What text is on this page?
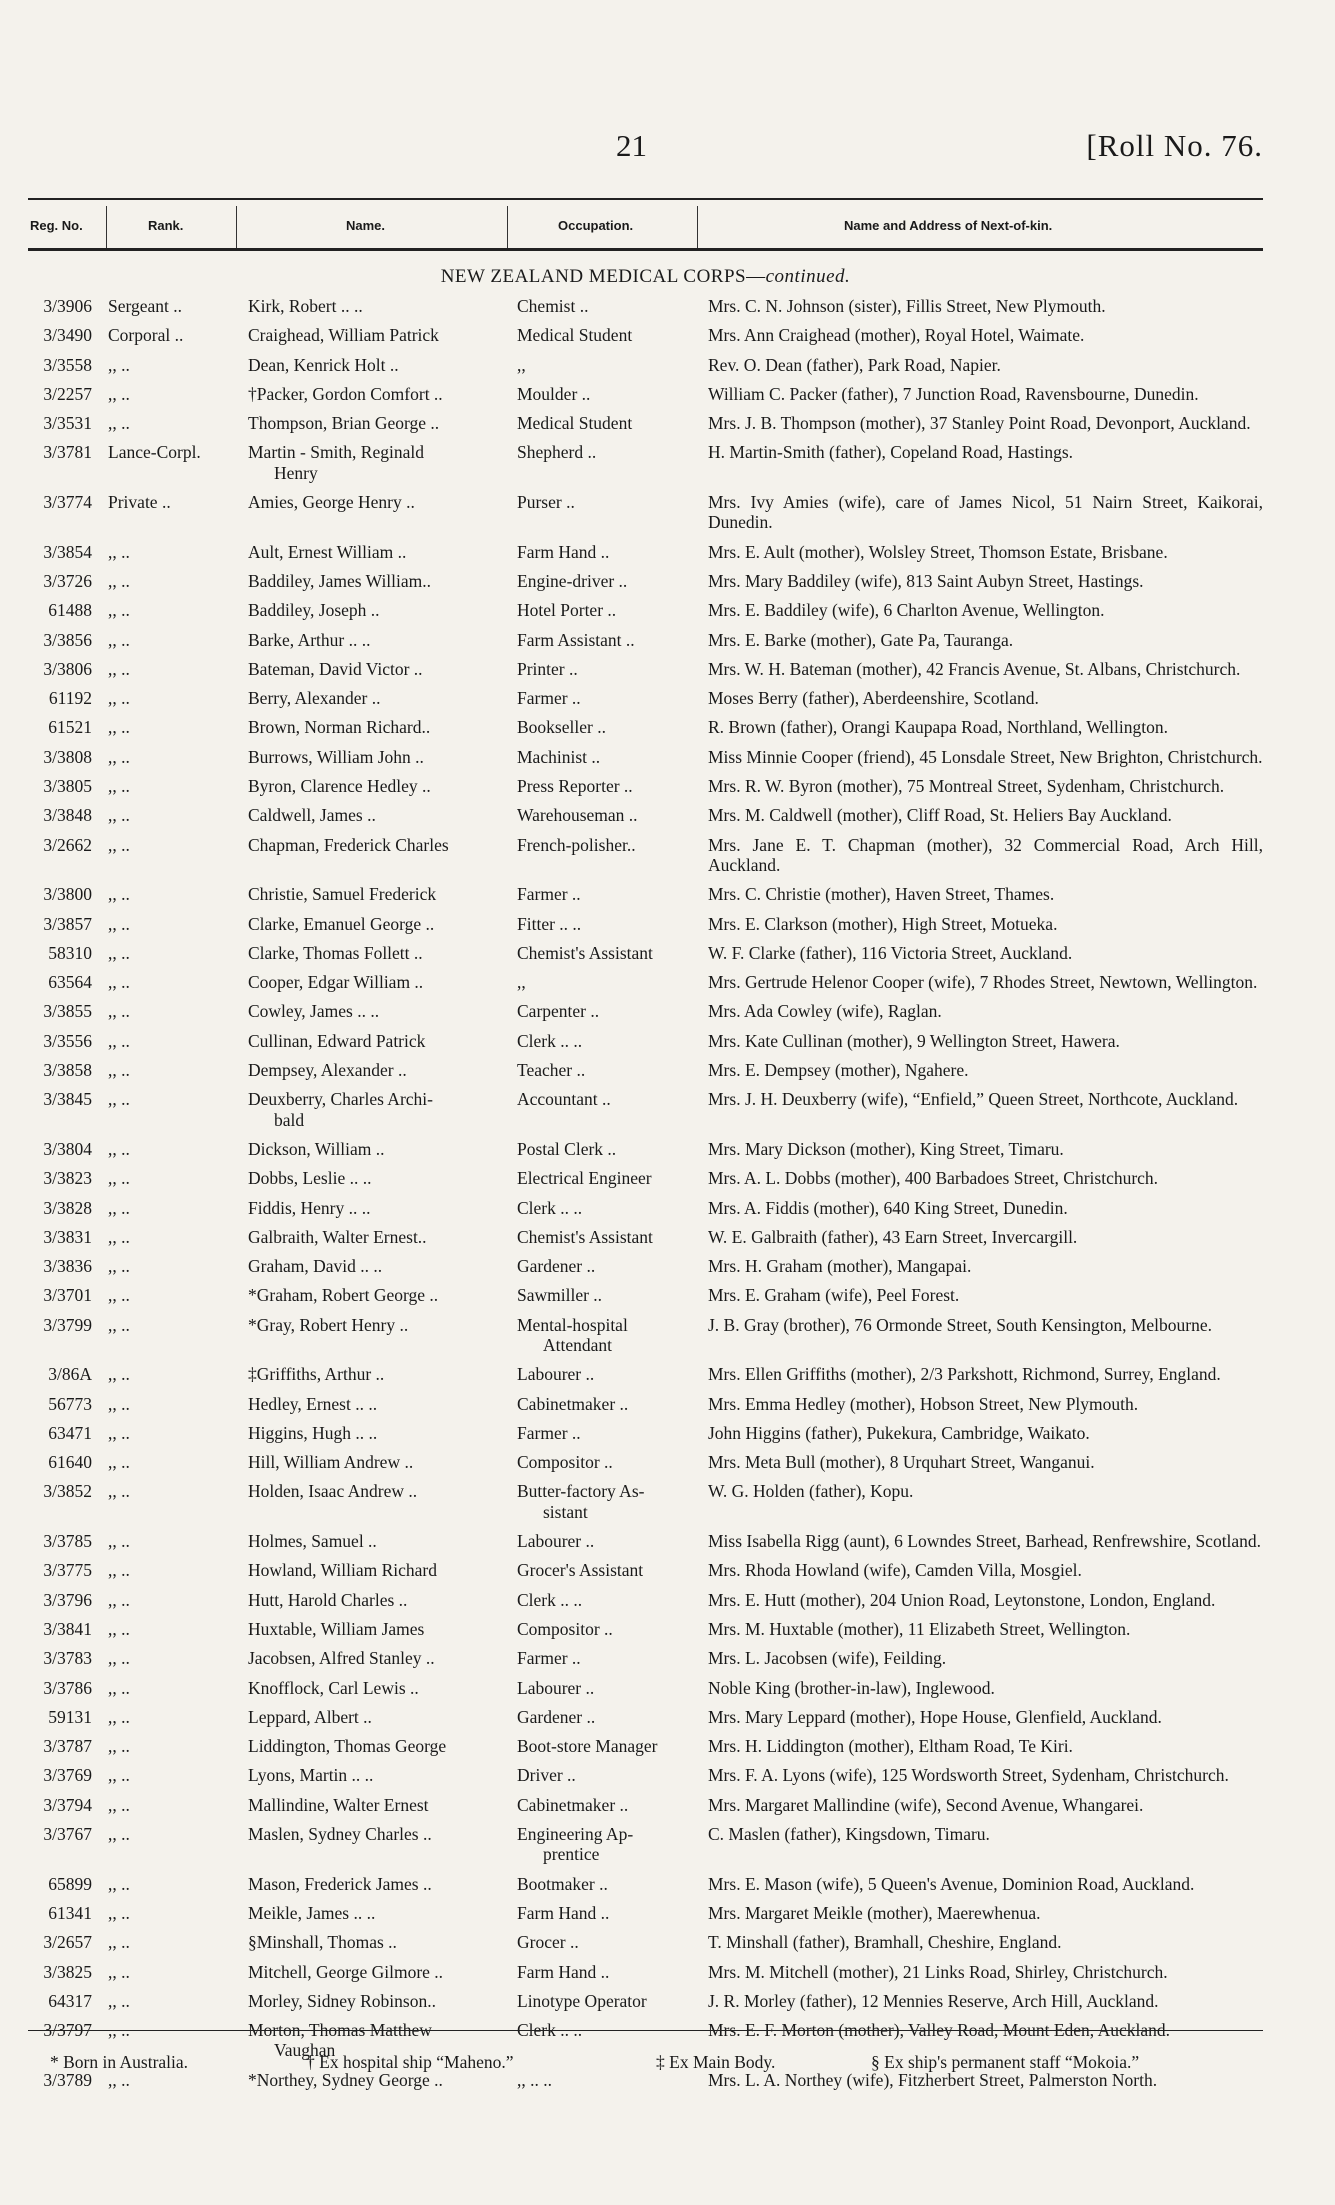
21	[Roll No. 76.
Reg. No.	Rank.	Name.	Occupation.	Name and Address of Next-of-kin.
NEW ZEALAND MEDICAL CORPS—continued.
3/3906 Sergeant ..	Kirk, Robert .. ..	Chemist ..	Mrs. C. N. Johnson (sister), Fillis Street, New Plymouth.
3/3490 Corporal ..	Craighead, William Patrick	Medical Student	Mrs. Ann Craighead (mother), Royal Hotel, Waimate.
3/3558 ,, ..	Dean, Kenrick Holt ..	,,	Rev. O. Dean (father), Park Road, Napier.
3/2257 ,, ..	†Packer, Gordon Comfort ..	Moulder ..	William C. Packer (father), 7 Junction Road, Ravensbourne, Dunedin.
3/3531 ,, ..	Thompson, Brian George ..	Medical Student	Mrs. J. B. Thompson (mother), 37 Stanley Point Road, Devonport, Auckland.
3/3781 Lance-Corpl.	Martin - Smith, Reginald
Henry
Shepherd ..	H. Martin-Smith (father), Copeland Road, Hastings.
3/3774 Private ..	Amies, George Henry ..	Purser ..	Mrs. Ivy Amies (wife), care of James Nicol, 51 Nairn Street, Kaikorai, Dunedin.
3/3854 ,, ..	Ault, Ernest William ..	Farm Hand ..	Mrs. E. Ault (mother), Wolsley Street, Thomson Estate, Brisbane.
3/3726 ,, ..	Baddiley, James William..	Engine-driver ..	Mrs. Mary Baddiley (wife), 813 Saint Aubyn Street, Hastings.
61488 ,, ..	Baddiley, Joseph ..	Hotel Porter ..	Mrs. E. Baddiley (wife), 6 Charlton Avenue, Wellington.
3/3856 ,, ..	Barke, Arthur .. ..	Farm Assistant ..	Mrs. E. Barke (mother), Gate Pa, Tauranga.
3/3806 ,, ..	Bateman, David Victor ..	Printer ..	Mrs. W. H. Bateman (mother), 42 Francis Avenue, St. Albans, Christchurch.
61192 ,, ..	Berry, Alexander ..	Farmer ..	Moses Berry (father), Aberdeenshire, Scotland.
61521 ,, ..	Brown, Norman Richard..	Bookseller ..	R. Brown (father), Orangi Kaupapa Road, Northland, Wellington.
3/3808 ,, ..	Burrows, William John ..	Machinist ..	Miss Minnie Cooper (friend), 45 Lonsdale Street, New Brighton, Christchurch.
3/3805 ,, ..	Byron, Clarence Hedley ..	Press Reporter ..	Mrs. R. W. Byron (mother), 75 Montreal Street, Sydenham, Christchurch.
3/3848 ,, ..	Caldwell, James ..	Warehouseman ..	Mrs. M. Caldwell (mother), Cliff Road, St. Heliers Bay Auckland.
3/2662 ,, ..	Chapman, Frederick Charles	French-polisher..	Mrs. Jane E. T. Chapman (mother), 32 Commercial Road, Arch Hill, Auckland.
3/3800 ,, ..	Christie, Samuel Frederick	Farmer ..	Mrs. C. Christie (mother), Haven Street, Thames.
3/3857 ,, ..	Clarke, Emanuel George ..	Fitter .. ..	Mrs. E. Clarkson (mother), High Street, Motueka.
58310 ,, ..	Clarke, Thomas Follett ..	Chemist's Assistant	W. F. Clarke (father), 116 Victoria Street, Auckland.
63564 ,, ..	Cooper, Edgar William ..	,,	Mrs. Gertrude Helenor Cooper (wife), 7 Rhodes Street, Newtown, Wellington.
3/3855 ,, ..	Cowley, James .. ..	Carpenter ..	Mrs. Ada Cowley (wife), Raglan.
3/3556 ,, ..	Cullinan, Edward Patrick	Clerk .. ..	Mrs. Kate Cullinan (mother), 9 Wellington Street, Hawera.
3/3858 ,, ..	Dempsey, Alexander ..	Teacher ..	Mrs. E. Dempsey (mother), Ngahere.
3/3845 ,, ..	Deuxberry, Charles Archi-
bald
Accountant ..	Mrs. J. H. Deuxberry (wife), “Enfield,” Queen Street, Northcote, Auckland.
3/3804 ,, ..	Dickson, William ..	Postal Clerk ..	Mrs. Mary Dickson (mother), King Street, Timaru.
3/3823 ,, ..	Dobbs, Leslie .. ..	Electrical Engineer	Mrs. A. L. Dobbs (mother), 400 Barbadoes Street, Christchurch.
3/3828 ,, ..	Fiddis, Henry .. ..	Clerk .. ..	Mrs. A. Fiddis (mother), 640 King Street, Dunedin.
3/3831 ,, ..	Galbraith, Walter Ernest..	Chemist's Assistant	W. E. Galbraith (father), 43 Earn Street, Invercargill.
3/3836 ,, ..	Graham, David .. ..	Gardener ..	Mrs. H. Graham (mother), Mangapai.
3/3701 ,, ..	*Graham, Robert George ..	Sawmiller ..	Mrs. E. Graham (wife), Peel Forest.
3/3799 ,, ..	*Gray, Robert Henry ..	Mental-hospital
Attendant
J. B. Gray (brother), 76 Ormonde Street, South Kensington, Melbourne.
3/86A ,, ..	‡Griffiths, Arthur ..	Labourer ..	Mrs. Ellen Griffiths (mother), 2/3 Parkshott, Richmond, Surrey, England.
56773 ,, ..	Hedley, Ernest .. ..	Cabinetmaker ..	Mrs. Emma Hedley (mother), Hobson Street, New Plymouth.
63471 ,, ..	Higgins, Hugh .. ..	Farmer ..	John Higgins (father), Pukekura, Cambridge, Waikato.
61640 ,, ..	Hill, William Andrew ..	Compositor ..	Mrs. Meta Bull (mother), 8 Urquhart Street, Wanganui.
3/3852 ,, ..	Holden, Isaac Andrew ..	Butter-factory As-
sistant
W. G. Holden (father), Kopu.
3/3785 ,, ..	Holmes, Samuel ..	Labourer ..	Miss Isabella Rigg (aunt), 6 Lowndes Street, Barhead, Renfrewshire, Scotland.
3/3775 ,, ..	Howland, William Richard	Grocer's Assistant	Mrs. Rhoda Howland (wife), Camden Villa, Mosgiel.
3/3796 ,, ..	Hutt, Harold Charles ..	Clerk .. ..	Mrs. E. Hutt (mother), 204 Union Road, Leytonstone, London, England.
3/3841 ,, ..	Huxtable, William James	Compositor ..	Mrs. M. Huxtable (mother), 11 Elizabeth Street, Wellington.
3/3783 ,, ..	Jacobsen, Alfred Stanley ..	Farmer ..	Mrs. L. Jacobsen (wife), Feilding.
3/3786 ,, ..	Knofflock, Carl Lewis ..	Labourer ..	Noble King (brother-in-law), Inglewood.
59131 ,, ..	Leppard, Albert ..	Gardener ..	Mrs. Mary Leppard (mother), Hope House, Glenfield, Auckland.
3/3787 ,, ..	Liddington, Thomas George	Boot-store Manager	Mrs. H. Liddington (mother), Eltham Road, Te Kiri.
3/3769 ,, ..	Lyons, Martin .. ..	Driver ..	Mrs. F. A. Lyons (wife), 125 Wordsworth Street, Sydenham, Christchurch.
3/3794 ,, ..	Mallindine, Walter Ernest	Cabinetmaker ..	Mrs. Margaret Mallindine (wife), Second Avenue, Whangarei.
3/3767 ,, ..	Maslen, Sydney Charles ..	Engineering Ap-
prentice
C. Maslen (father), Kingsdown, Timaru.
65899 ,, ..	Mason, Frederick James ..	Bootmaker ..	Mrs. E. Mason (wife), 5 Queen's Avenue, Dominion Road, Auckland.
61341 ,, ..	Meikle, James .. ..	Farm Hand ..	Mrs. Margaret Meikle (mother), Maerewhenua.
3/2657 ,, ..	§Minshall, Thomas ..	Grocer ..	T. Minshall (father), Bramhall, Cheshire, England.
3/3825 ,, ..	Mitchell, George Gilmore ..	Farm Hand ..	Mrs. M. Mitchell (mother), 21 Links Road, Shirley, Christchurch.
64317 ,, ..	Morley, Sidney Robinson..	Linotype Operator	J. R. Morley (father), 12 Mennies Reserve, Arch Hill, Auckland.
3/3797 ,, ..	Morton, Thomas Matthew
Vaughan
Clerk .. ..	Mrs. E. F. Morton (mother), Valley Road, Mount Eden, Auckland.
3/3789 ,, ..	*Northey, Sydney George ..	,, .. ..	Mrs. L. A. Northey (wife), Fitzherbert Street, Palmerston North.
* Born in Australia.	† Ex hospital ship “Maheno.”	‡ Ex Main Body.	§ Ex ship's permanent staff “Mokoia.”
